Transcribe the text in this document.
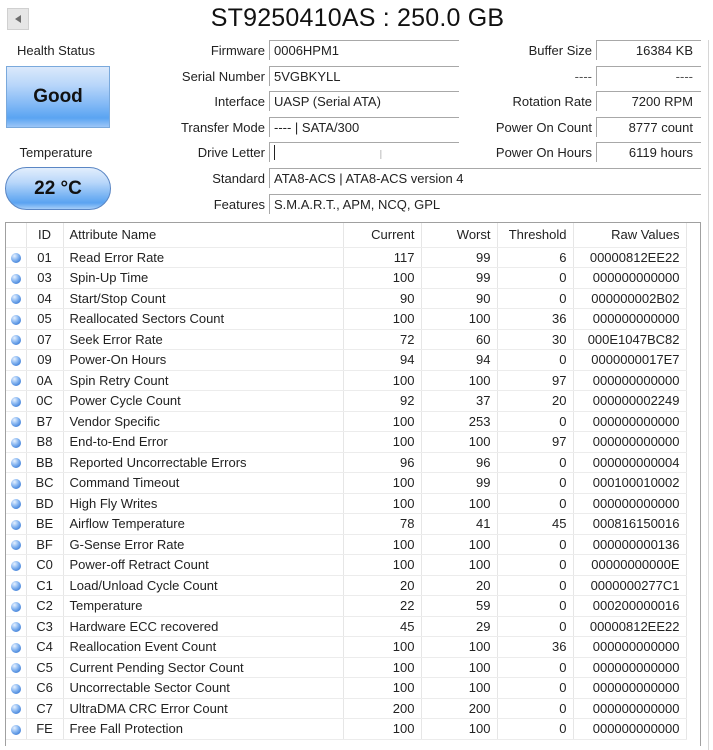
ST9250410AS : 250.0 GB
Health Status
Good
Temperature
22 °C
Firmware 0006HPM1
Serial Number 5VGBKYLL
Interface UASP (Serial ATA)
Transfer Mode ---- | SATA/300
Drive Letter	I
Standard ATA8-ACS | ATA8-ACS version 4
Features S.M.A.R.T., APM, NCQ, GPL
Buffer Size	16384 KB
----	----
Rotation Rate	7200 RPM
Power On Count	8777 count
Power On Hours	6119 hours
	ID	Attribute Name	Current	Worst	Threshold	Raw Values
	01	Read Error Rate	117	99	6	00000812EE22
	03	Spin-Up Time	100	99	0	000000000000
	04	Start/Stop Count	90	90	0	000000002B02
	05	Reallocated Sectors Count	100	100	36	000000000000
	07	Seek Error Rate	72	60	30	000E1047BC82
	09	Power-On Hours	94	94	0	0000000017E7
	0A	Spin Retry Count	100	100	97	000000000000
	0C	Power Cycle Count	92	37	20	000000002249
	B7	Vendor Specific	100	253	0	000000000000
	B8	End-to-End Error	100	100	97	000000000000
	BB	Reported Uncorrectable Errors	96	96	0	000000000004
	BC	Command Timeout	100	99	0	000100010002
	BD	High Fly Writes	100	100	0	000000000000
	BE	Airflow Temperature	78	41	45	000816150016
	BF	G-Sense Error Rate	100	100	0	000000000136
	C0	Power-off Retract Count	100	100	0	00000000000E
	C1	Load/Unload Cycle Count	20	20	0	0000000277C1
	C2	Temperature	22	59	0	000200000016
	C3	Hardware ECC recovered	45	29	0	00000812EE22
	C4	Reallocation Event Count	100	100	36	000000000000
	C5	Current Pending Sector Count	100	100	0	000000000000
	C6	Uncorrectable Sector Count	100	100	0	000000000000
	C7	UltraDMA CRC Error Count	200	200	0	000000000000
	FE	Free Fall Protection	100	100	0	000000000000
